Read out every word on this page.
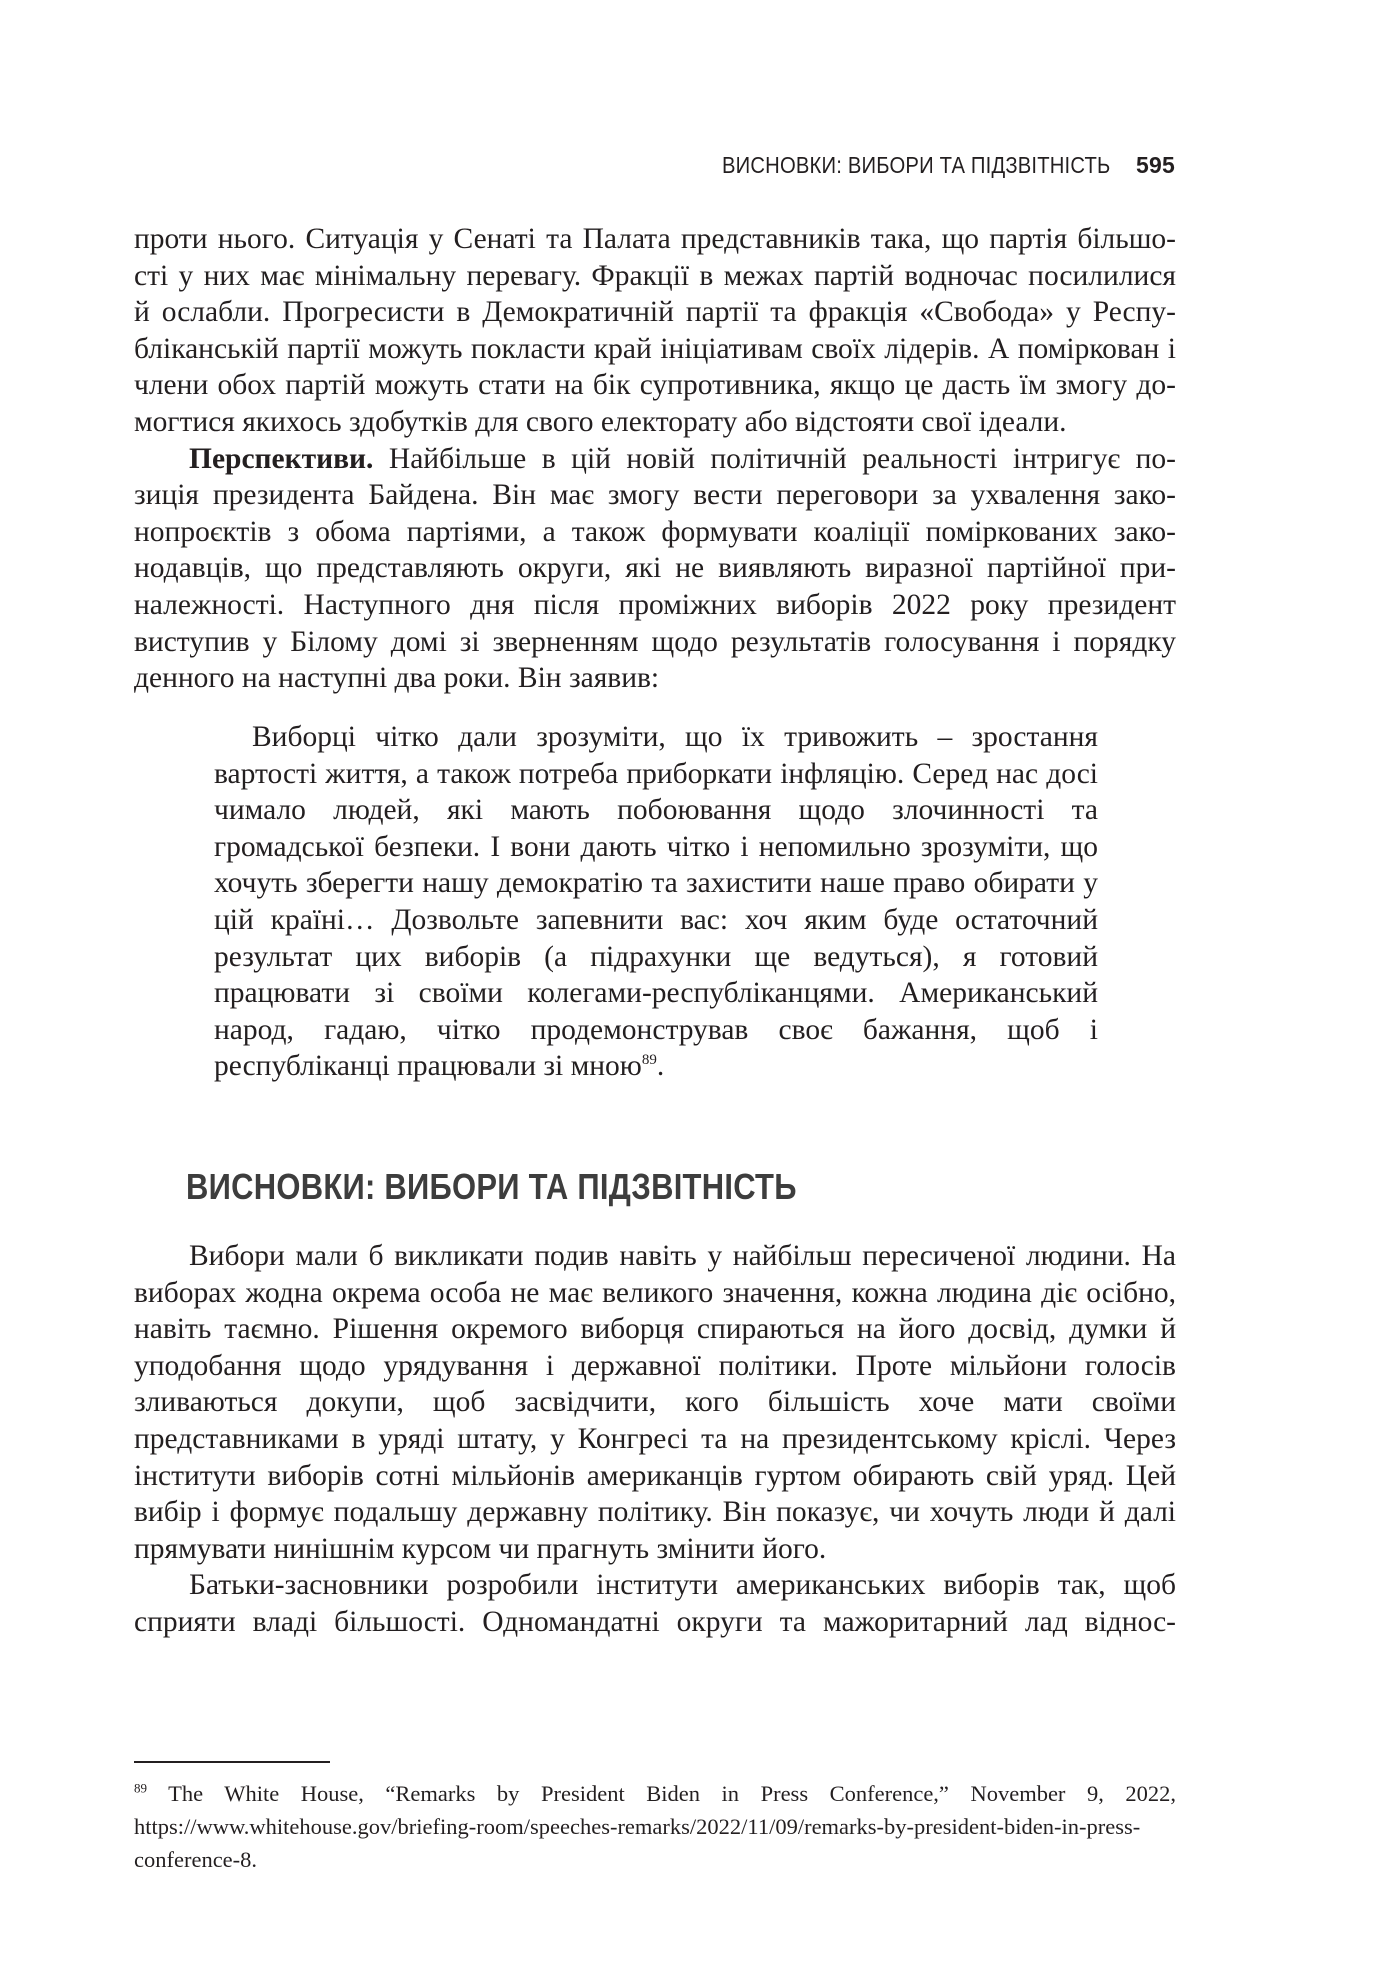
ВИСНОВКИ: ВИБОРИ ТА ПІДЗВІТНІСТЬ 595

проти нього. Ситуація у Сенаті та Палата представників така, що партія більшо-

сті у них має мінімальну перевагу. Фракції в межах партій водночас посилилися

й ослабли. Прогресисти в Демократичній партії та фракція «Свобода» у Респу-

бліканській партії можуть покласти край ініціативам своїх лідерів. А поміркован і

члени обох партій можуть стати на бік супротивника, якщо це дасть їм змогу до-

могтися якихось здобутків для свого електорату або відстояти свої ідеали.

Перспективи. Найбільше в цій новій політичній реальності інтригує по-

зиція президента Байдена. Він має змогу вести переговори за ухвалення зако-

нопроєктів з обома партіями, а також формувати коаліції поміркованих зако-

нодавців, що представляють округи, які не виявляють виразної партійної при-

належності. Наступного дня після проміжних виборів 2022 року президент

виступив у Білому домі зі зверненням щодо результатів голосування і порядку

денного на наступні два роки. Він заявив:

Виборці чітко дали зрозуміти, що їх тривожить – зростання вартості життя, а також потреба приборкати інфляцію. Серед нас досі чимало людей, які мають побоювання щодо злочинності та громадської безпеки. І вони дають чітко і непомильно зрозуміти, що хочуть зберегти нашу демократію та захистити наше право обирати у цій країні… Дозвольте запевнити вас: хоч яким буде остаточний результат цих виборів (а підрахунки ще ведуться), я готовий працювати зі своїми колегами-республіканцями. Американський народ, гадаю, чітко продемонстрував своє бажання, щоб і республіканці працювали зі мною$^{89}$.

ВИСНОВКИ: ВИБОРИ ТА ПІДЗВІТНІСТЬ

Вибори мали б викликати подив навіть у найбільш пересиченої людини. На виборах жодна окрема особа не має великого значення, кожна людина діє осібно, навіть таємно. Рішення окремого виборця спираються на його досвід, думки й уподобання щодо урядування і державної політики. Проте мільйони голосів зливаються докупи, щоб засвідчити, кого більшість хоче мати своїми представниками в уряді штату, у Конгресі та на президентському кріслі. Через інститути виборів сотні мільйонів американців гуртом обирають свій уряд. Цей вибір і формує подальшу державну політику. Він показує, чи хочуть люди й далі прямувати нинішнім курсом чи прагнуть змінити його.

Батьки-засновники розробили інститути американських виборів так, щоб сприяти владі більшості. Одномандатні округи та мажоритарний лад віднос-

$^{89}$ The White House, “Remarks by President Biden in Press Conference,” November 9, 2022, https://www.whitehouse.gov/briefing-room/speeches-remarks/2022/11/09/remarks-by-president-biden-in-press-conference-8.
